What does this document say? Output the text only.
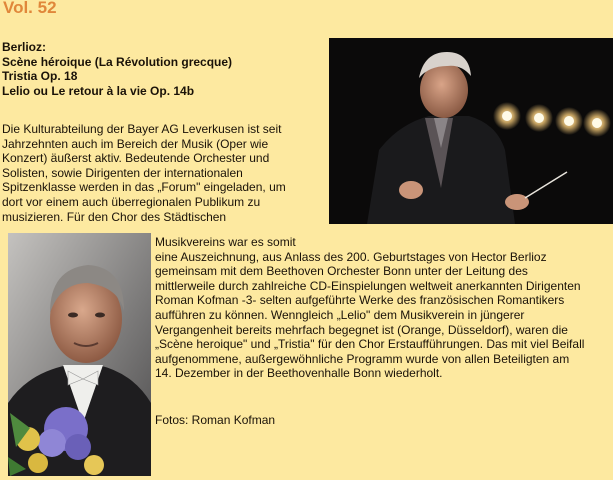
Vol. 52
Berlioz:
Scène héroique (La Révolution grecque)
Tristia Op. 18
Lelio ou Le retour à la vie Op. 14b
Die Kulturabteilung der Bayer AG Leverkusen ist seit
Jahrzehnten auch im Bereich der Musik (Oper wie
Konzert) äußerst aktiv. Bedeutende Orchester und
Solisten, sowie Dirigenten der internationalen
Spitzenklasse werden in das „Forum" eingeladen, um
dort vor einem auch überregionalen Publikum zu
musizieren. Für den Chor des Städtischen
Musikvereins war es somit
eine Auszeichnung, aus Anlass des 200. Geburtstages von Hector Berlioz
gemeinsam mit dem Beethoven Orchester Bonn unter der Leitung des
mittlerweile durch zahlreiche CD-Einspielungen weltweit anerkannten Dirigenten
Roman Kofman -3- selten aufgeführte Werke des französischen Romantikers
aufführen zu können. Wenngleich „Lelio" dem Musikverein in jüngerer
Vergangenheit bereits mehrfach begegnet ist (Orange, Düsseldorf), waren die
„Scène heroique" und „Tristia" für den Chor Erstaufführungen. Das mit viel Beifall
aufgenommene, außergewöhnliche Programm wurde von allen Beteiligten am
14. Dezember in der Beethovenhalle Bonn wiederholt.
Fotos: Roman Kofman
